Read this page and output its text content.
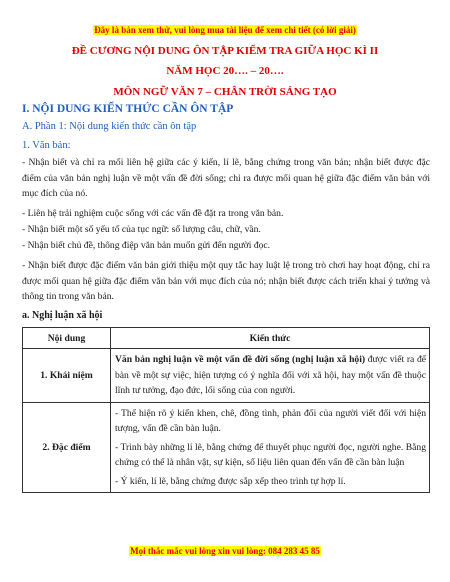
Đây là bản xem thử, vui lòng mua tài liệu để xem chi tiết (có lời giải)
ĐỀ CƯƠNG NỘI DUNG ÔN TẬP KIỂM TRA GIỮA HỌC KÌ II
NĂM HỌC 20…. – 20….
MÔN NGỮ VĂN 7 – CHÂN TRỜI SÁNG TẠO
I. NỘI DUNG KIẾN THỨC CẦN ÔN TẬP
A. Phần 1: Nội dung kiến thức cần ôn tập
1. Văn bản:
- Nhận biết và chỉ ra mối liên hệ giữa các ý kiến, lí lẽ, bằng chứng trong văn bản; nhận biết được đặc điểm của văn bản nghị luận về một vấn đề đời sống; chỉ ra được mối quan hệ giữa đặc điểm văn bản với mục đích của nó.
- Liên hệ trải nghiệm cuộc sống với các vấn đề đặt ra trong văn bản.
- Nhận biết một số yếu tố của tục ngữ: số lượng câu, chữ, vần.
- Nhận biết chủ đề, thông điệp văn bản muốn gửi đến người đọc.
- Nhận biết được đặc điểm văn bản giới thiệu một quy tắc hay luật lệ trong trò chơi hay hoạt động, chỉ ra được mối quan hệ giữa đặc điểm văn bản với mục đích của nó; nhận biết được cách triển khai ý tưởng và thông tin trong văn bản.
a. Nghị luận xã hội
Nội dung	Kiến thức
1. Khái niệm	Văn bản nghị luận về một vấn đề đời sống (nghị luận xã hội) được viết ra để bàn về một sự việc, hiện tượng có ý nghĩa đối với xã hội, hay một vấn đề thuộc lĩnh tư tưởng, đạo đức, lối sống của con người.
2. Đặc điểm	- Thể hiện rõ ý kiến khen, chê, đồng tình, phản đối của người viết đối với hiện tượng, vấn đề cần bàn luận.

- Trình bày những lí lẽ, bằng chứng để thuyết phục người đọc, người nghe. Bằng chứng có thể là nhân vật, sự kiện, số liệu liên quan đến vấn đề cần bàn luận

- Ý kiến, lí lẽ, bằng chứng được sắp xếp theo trình tự hợp lí.

Mọi thắc mắc vui lòng xin vui lòng: 084 283 45 85
